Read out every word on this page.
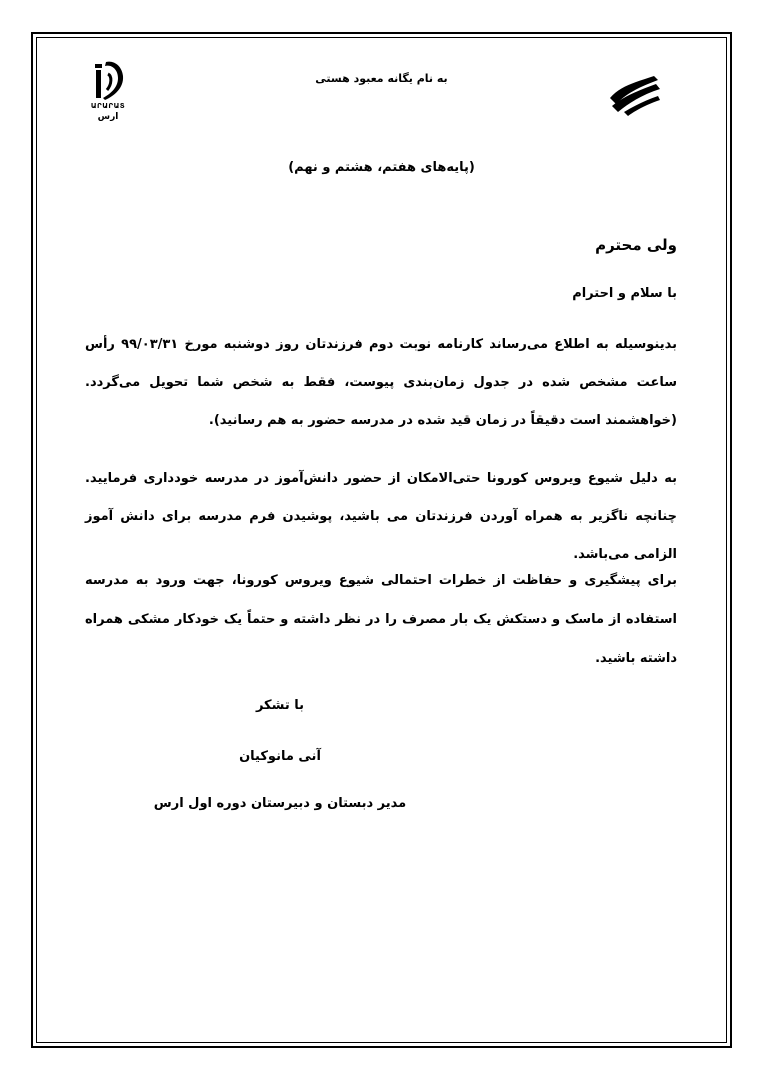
ԱՐԱՐԱՏ
ارس
به نام یگانه معبود هستی
(پایه‌های هفتم، هشتم و نهم)
ولی محترم
با سلام و احترام
بدینوسیله به اطلاع می‌رساند کارنامه نوبت دوم فرزندتان روز دوشنبه مورخ ۹۹/۰۳/۳۱ رأس ساعت مشخص شده در جدول زمان‌بندی پیوست، فقط به شخص شما تحویل می‌گردد. (خواهشمند است دقیقاً در زمان قید شده در مدرسه حضور به هم رسانید).
به دلیل شیوع ویروس کورونا حتی‌الامکان از حضور دانش‌آموز در مدرسه خودداری فرمایید. چنانچه ناگزیر به همراه آوردن فرزندتان می باشید، پوشیدن فرم مدرسه برای دانش آموز الزامی می‌باشد.
برای پیشگیری و حفاظت از خطرات احتمالی شیوع ویروس کورونا، جهت ورود به مدرسه استفاده از ماسک و دستکش یک بار مصرف را در نظر داشته و حتماً یک خودکار مشکی همراه داشته باشید.
با تشکر
آنی مانوکیان
مدیر دبستان و دبیرستان دوره اول ارس
